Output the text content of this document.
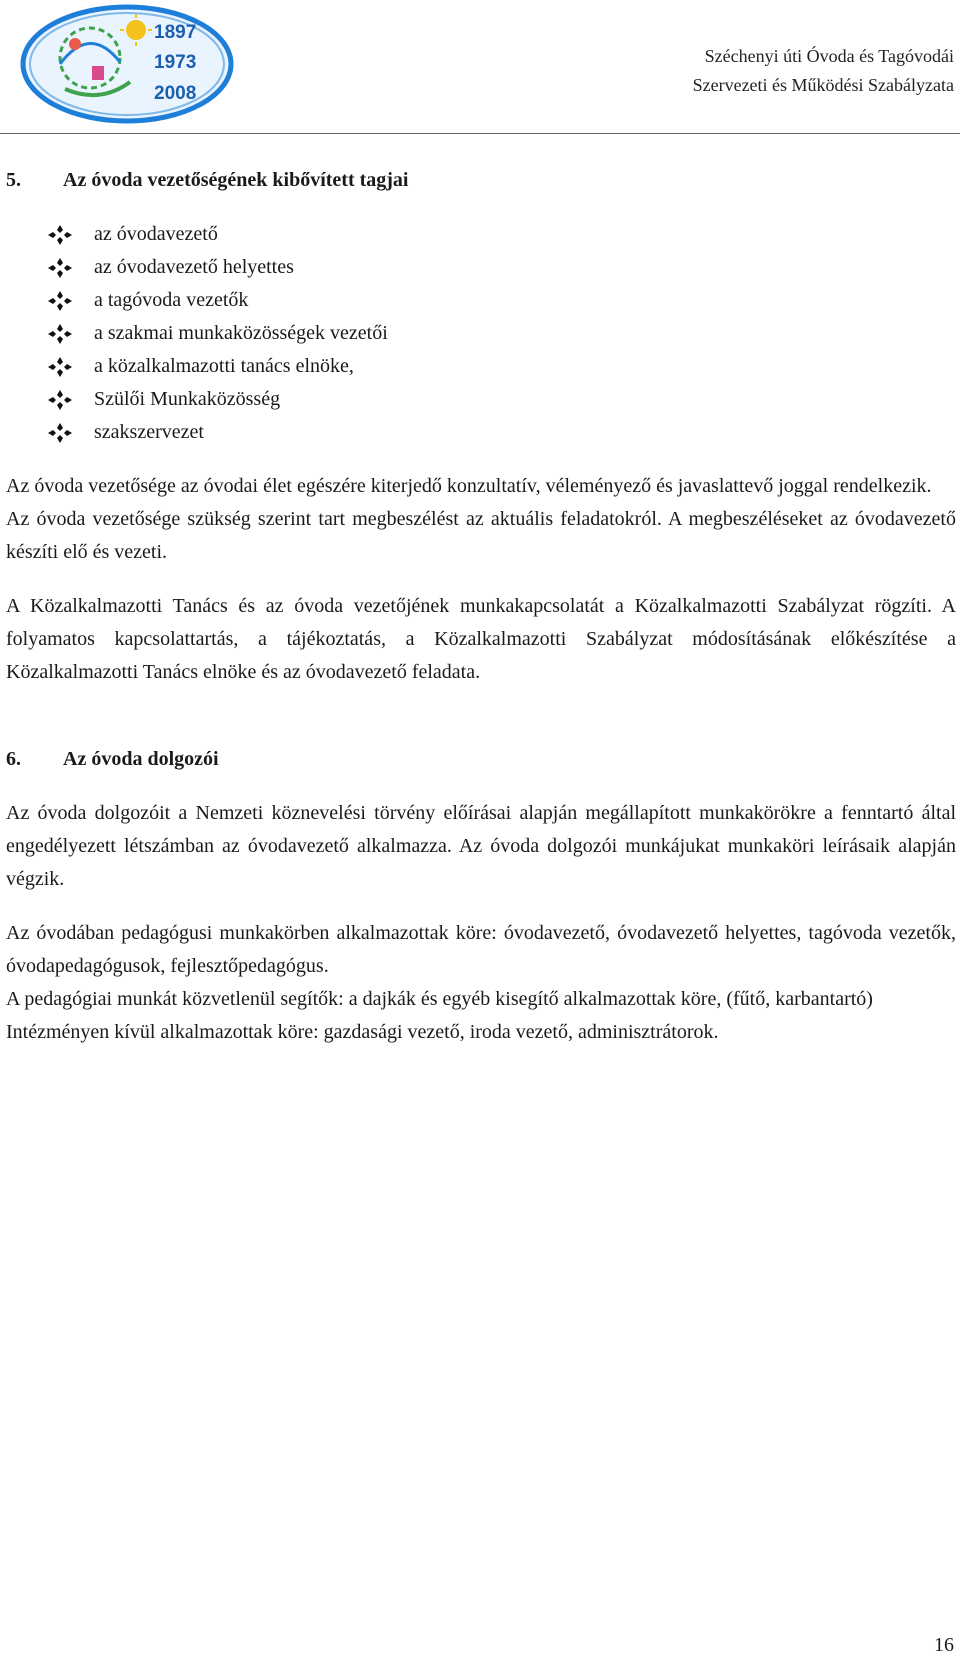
1897
1973
2008
Széchenyi úti Óvoda és Tagóvodái
Szervezeti és Működési Szabályzata
5.	Az óvoda vezetőségének kibővített tagjai
az óvodavezető
az óvodavezető helyettes
a tagóvoda vezetők
a szakmai munkaközösségek vezetői
a közalkalmazotti tanács elnöke,
Szülői Munkaközösség
szakszervezet

Az óvoda vezetősége az óvodai élet egészére kiterjedő konzultatív, véleményező és javaslattevő joggal rendelkezik.

Az óvoda vezetősége szükség szerint tart megbeszélést az aktuális feladatokról. A megbeszéléseket az óvodavezető készíti elő és vezeti.

A Közalkalmazotti Tanács és az óvoda vezetőjének munkakapcsolatát a Közalkalmazotti Szabályzat rögzíti. A folyamatos kapcsolattartás, a tájékoztatás, a Közalkalmazotti Szabályzat módosításának előkészítése a Közalkalmazotti Tanács elnöke és az óvodavezető feladata.

6.	Az óvoda dolgozói

Az óvoda dolgozóit a Nemzeti köznevelési törvény előírásai alapján megállapított munkakörökre a fenntartó által engedélyezett létszámban az óvodavezető alkalmazza. Az óvoda dolgozói munkájukat munkaköri leírásaik alapján végzik.

Az óvodában pedagógusi munkakörben alkalmazottak köre: óvodavezető, óvodavezető helyettes, tagóvoda vezetők, óvodapedagógusok, fejlesztőpedagógus.

A pedagógiai munkát közvetlenül segítők: a dajkák és egyéb kisegítő alkalmazottak köre, (fűtő, karbantartó)

Intézményen kívül alkalmazottak köre: gazdasági vezető, iroda vezető, adminisztrátorok.

16
